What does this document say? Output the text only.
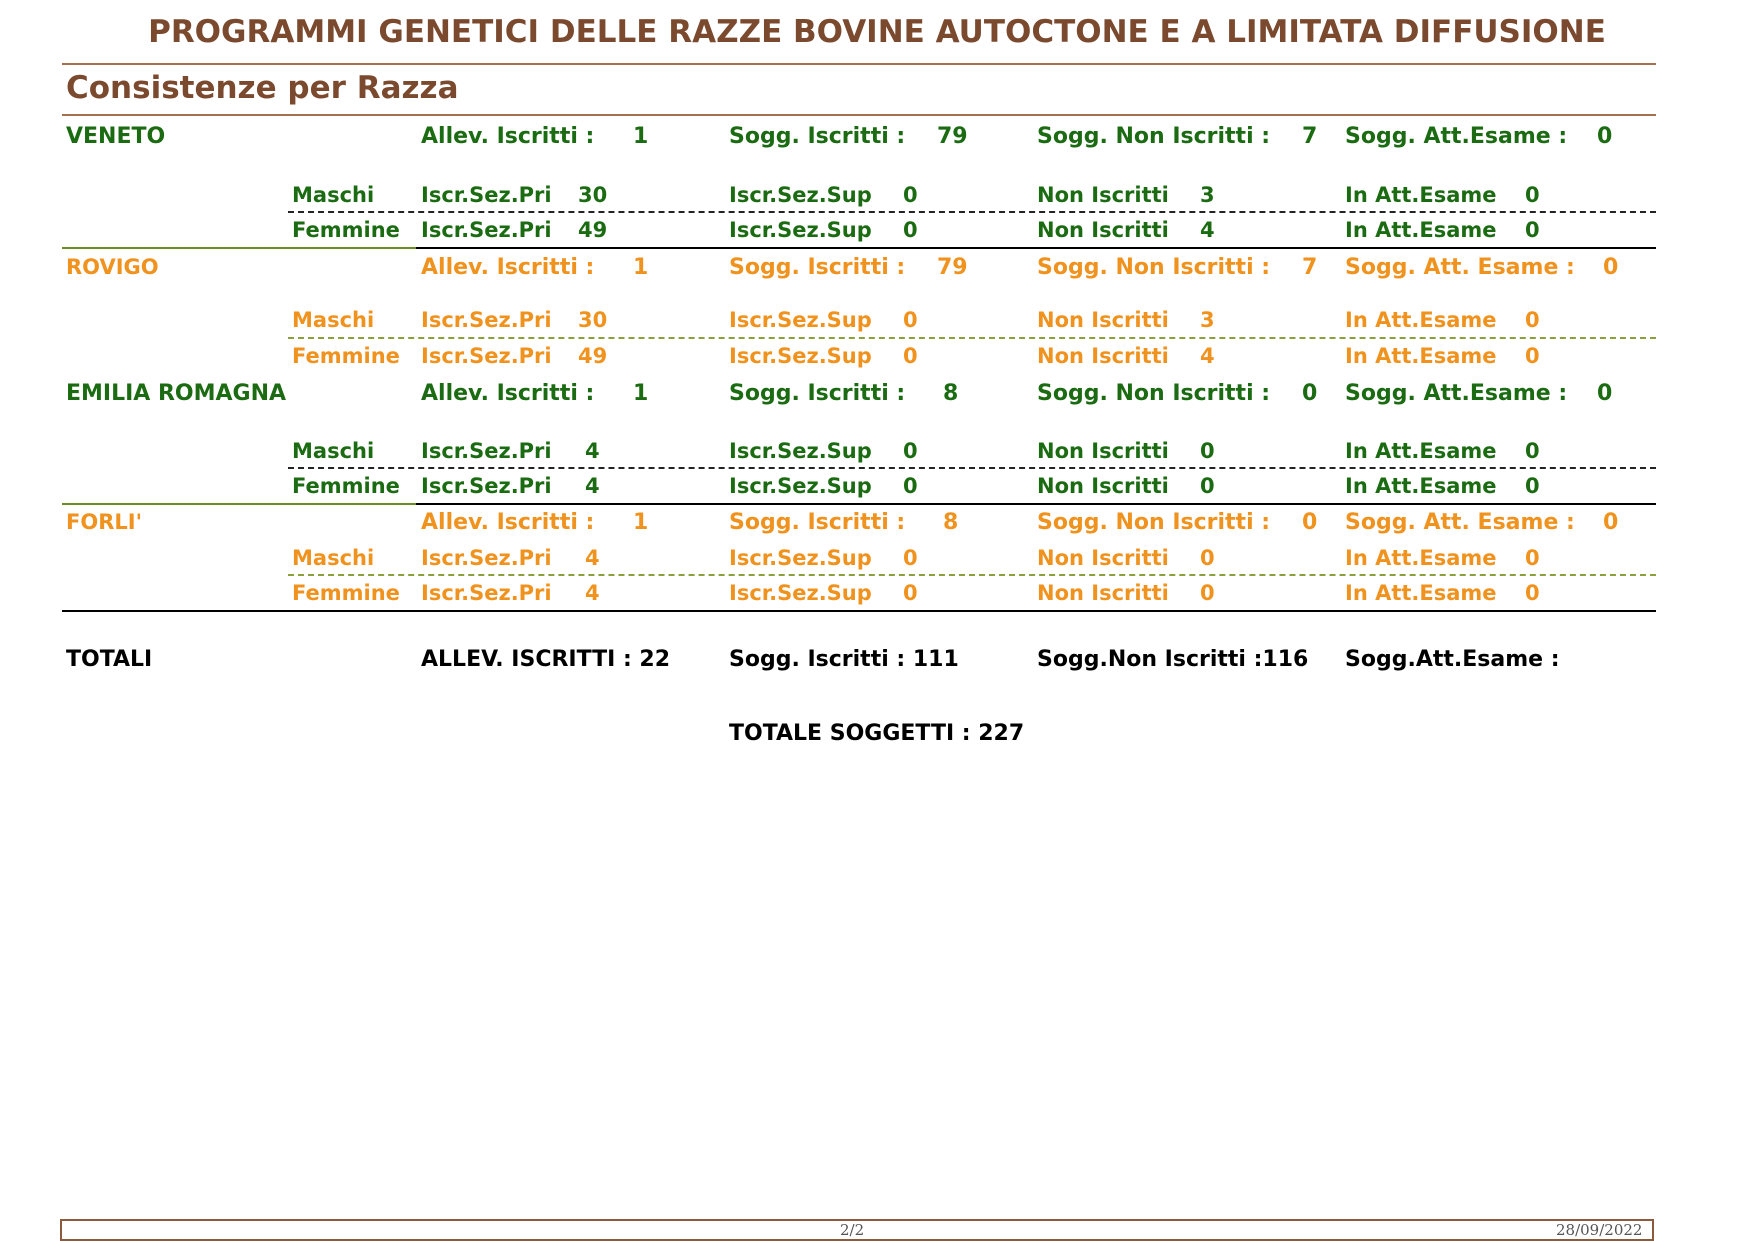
PROGRAMMI GENETICI DELLE RAZZE BOVINE AUTOCTONE E A LIMITATA DIFFUSIONE
Consistenze per Razza
VENETO	Allev. Iscritti : 1	Sogg. Iscritti : 79	Sogg. Non Iscritti : 7 Sogg. Att.Esame : 0
Maschi Iscr.Sez.Pri 30	Iscr.Sez.Sup 0	Non Iscritti 3	In Att.Esame 0
Femmine Iscr.Sez.Pri 49	Iscr.Sez.Sup 0	Non Iscritti 4	In Att.Esame 0
ROVIGO	Allev. Iscritti : 1	Sogg. Iscritti : 79	Sogg. Non Iscritti : 7 Sogg. Att. Esame : 0
Maschi Iscr.Sez.Pri 30	Iscr.Sez.Sup 0	Non Iscritti 3	In Att.Esame 0
Femmine Iscr.Sez.Pri 49	Iscr.Sez.Sup 0	Non Iscritti 4	In Att.Esame 0
EMILIA ROMAGNA	Allev. Iscritti : 1	Sogg. Iscritti : 8	Sogg. Non Iscritti : 0 Sogg. Att.Esame : 0
Maschi Iscr.Sez.Pri 4	Iscr.Sez.Sup 0	Non Iscritti 0	In Att.Esame 0
Femmine Iscr.Sez.Pri 4	Iscr.Sez.Sup 0	Non Iscritti 0	In Att.Esame 0
FORLI'	Allev. Iscritti : 1	Sogg. Iscritti : 8	Sogg. Non Iscritti : 0 Sogg. Att. Esame : 0
Maschi Iscr.Sez.Pri 4	Iscr.Sez.Sup 0	Non Iscritti 0	In Att.Esame 0
Femmine Iscr.Sez.Pri 4	Iscr.Sez.Sup 0	Non Iscritti 0	In Att.Esame 0
TOTALI	ALLEV. ISCRITTI : 22	Sogg. Iscritti : 111	Sogg.Non Iscritti :116 Sogg.Att.Esame :
TOTALE SOGGETTI : 227
2/2	28/09/2022
